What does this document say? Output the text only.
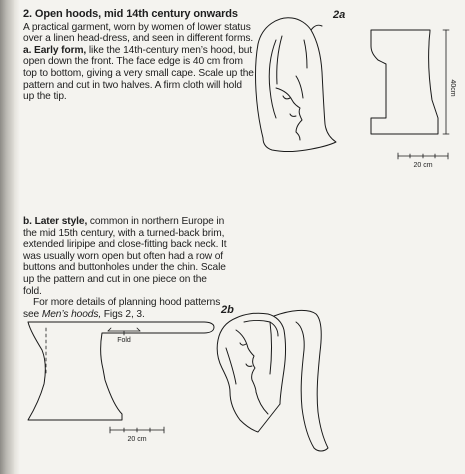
2. Open hoods, mid 14th century onwards

A practical garment, worn by women of lower status over a linen head-dress, and seen in different forms.

a. Early form, like the 14th-century men’s hood, but open down the front. The face edge is 40 cm from top to bottom, giving a very small cape. Scale up the pattern and cut in two halves. A firm cloth will hold up the tip.

b. Later style, common in northern Europe in the mid 15th century, with a turned-back brim, extended liripipe and close-fitting back neck. It was usually worn open but often had a row of buttons and buttonholes under the chin. Scale up the pattern and cut in one piece on the fold.

For more details of planning hood patterns see Men’s hoods, Figs 2, 3.

2a
2b
40cm
20 cm
Fold
20 cm
